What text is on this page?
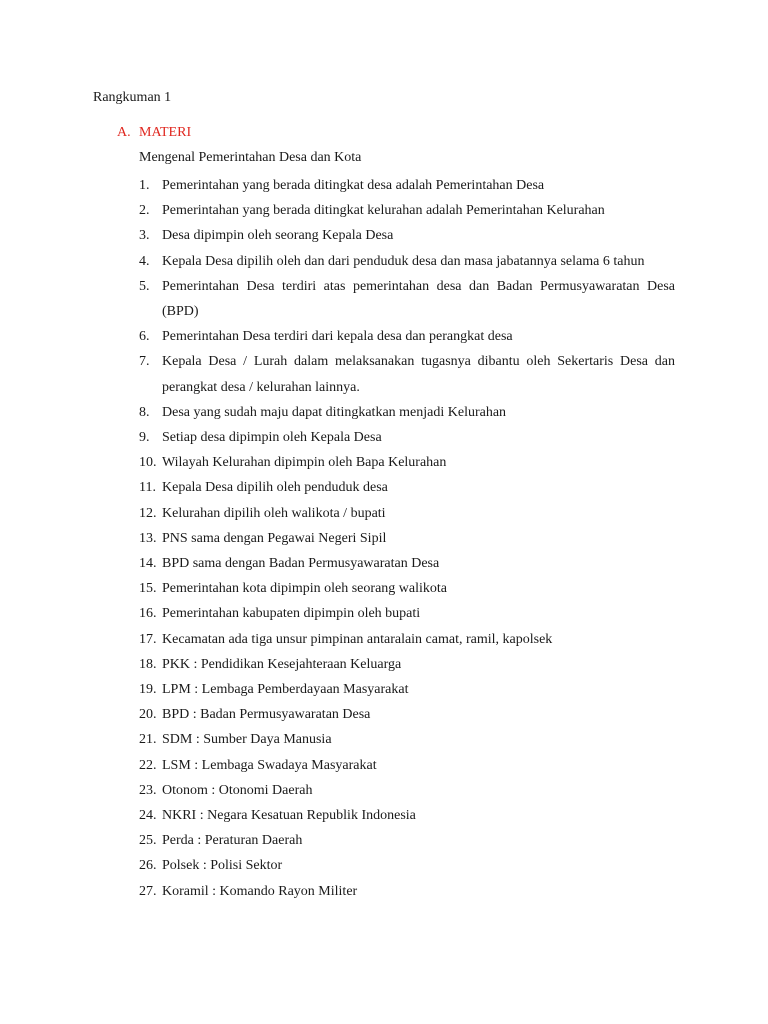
Rangkuman 1
A. MATERI
Mengenal Pemerintahan Desa dan Kota
1. Pemerintahan yang berada ditingkat desa adalah Pemerintahan Desa
2. Pemerintahan yang berada ditingkat kelurahan adalah Pemerintahan Kelurahan
3. Desa dipimpin oleh seorang Kepala Desa
4. Kepala Desa dipilih oleh dan dari penduduk desa dan masa jabatannya selama 6 tahun
5. Pemerintahan Desa terdiri atas pemerintahan desa dan Badan Permusyawaratan Desa (BPD)
6. Pemerintahan Desa terdiri dari kepala desa dan perangkat desa
7. Kepala Desa / Lurah dalam melaksanakan tugasnya dibantu oleh Sekertaris Desa dan perangkat desa / kelurahan lainnya.
8. Desa yang sudah maju dapat ditingkatkan menjadi Kelurahan
9. Setiap desa dipimpin oleh Kepala Desa
10. Wilayah Kelurahan dipimpin oleh Bapa Kelurahan
11. Kepala Desa dipilih oleh penduduk desa
12. Kelurahan dipilih oleh walikota / bupati
13. PNS sama dengan Pegawai Negeri Sipil
14. BPD sama dengan Badan Permusyawaratan Desa
15. Pemerintahan kota dipimpin oleh seorang walikota
16. Pemerintahan kabupaten dipimpin oleh bupati
17. Kecamatan ada tiga unsur pimpinan antaralain camat, ramil, kapolsek
18. PKK : Pendidikan Kesejahteraan Keluarga
19. LPM : Lembaga Pemberdayaan Masyarakat
20. BPD : Badan Permusyawaratan Desa
21. SDM : Sumber Daya Manusia
22. LSM : Lembaga Swadaya Masyarakat
23. Otonom : Otonomi Daerah
24. NKRI : Negara Kesatuan Republik Indonesia
25. Perda : Peraturan Daerah
26. Polsek : Polisi Sektor
27. Koramil : Komando Rayon Militer
